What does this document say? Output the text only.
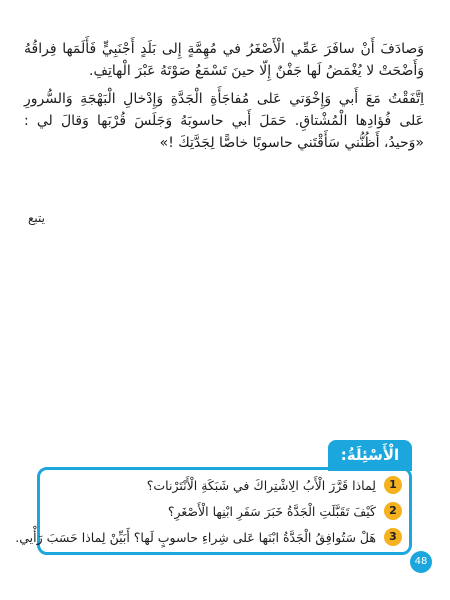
وَصادَفَ أَنْ سافَرَ عَمِّي الْأَصْغَرُ في مُهِمَّةٍ إِلى بَلَدٍ أَجْنَبِيٍّ فَأَلَمَها فِراقُهُ وَأَضْحَتْ لا يُغْمَضُ لَها جَفْنٌ إِلّا حينَ تَسْمَعُ صَوْتَهُ عَبْرَ الْهاتِفِ.

اِتَّفَقْتُ مَعَ أَبي وَإِخْوَتي عَلى مُفاجَأَةِ الْجَدَّةِ وَإِدْخالِ الْبَهْجَةِ وَالسُّرورِ عَلى فُؤادِها الْمُشْتاقِ. حَمَلَ أَبي حاسوبَهُ وَجَلَسَ قُرْبَها وَقالَ لي : «وَحيدُ، أَظُنُّني سَأَقْتَني حاسوبًا خاصًّا لِجَدَّتِكَ !»

يتبع
الْأَسْئِلَةُ:
1
لِماذا قَرَّرَ الْأَبُ الِاشْتِراكَ في شَبَكَةِ الْأَنْتَرْنات؟
2
كَيْفَ تَقَبَّلَتِ الْجَدَّةُ خَبَرَ سَفَرِ ابْنِها الْأَصْغَرِ؟
3
هَلْ سَتُوافِقُ الْجَدَّةُ ابْنَها عَلى شِراءِ حاسوبٍ لَها؟ أَبَيِّنْ لِماذا حَسَبَ رَأْيي.
48
